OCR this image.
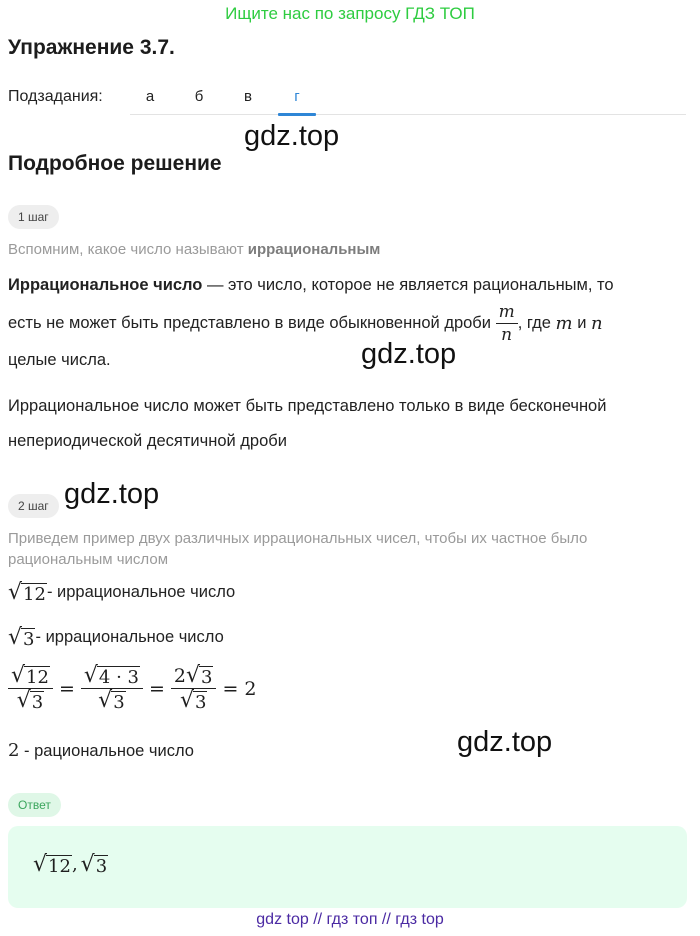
Ищите нас по запросу ГДЗ ТОП
Упражнение 3.7.
Подзадания:	а	б	в	г
gdz.top
gdz.top
gdz.top
gdz.top
Подробное решение
1 шаг
Вспомним, какое число называют иррациональным
Иррациональное число — это число, которое не является рациональным, то
есть не может быть представлено в виде обыкновенной дроби
$\frac{m}{n}$ , где
m
и
n
целые числа.
Иррациональное число может быть представлено только в виде бесконечной
непериодической десятичной дроби
2 шаг
Приведем пример двух различных иррациональных чисел, чтобы их частное было
рациональным числом
√ 12 - иррациональное число
√ 3 - иррациональное число
$\frac{√ 12}{√ 3} = \frac{√ 4 \cdot 3}{√ 3} = \frac{2 √ 3}{√ 3} = 2$
2 - рациональное число
Ответ
√ 12 , √ 3
gdz top // гдз топ // гдз top
